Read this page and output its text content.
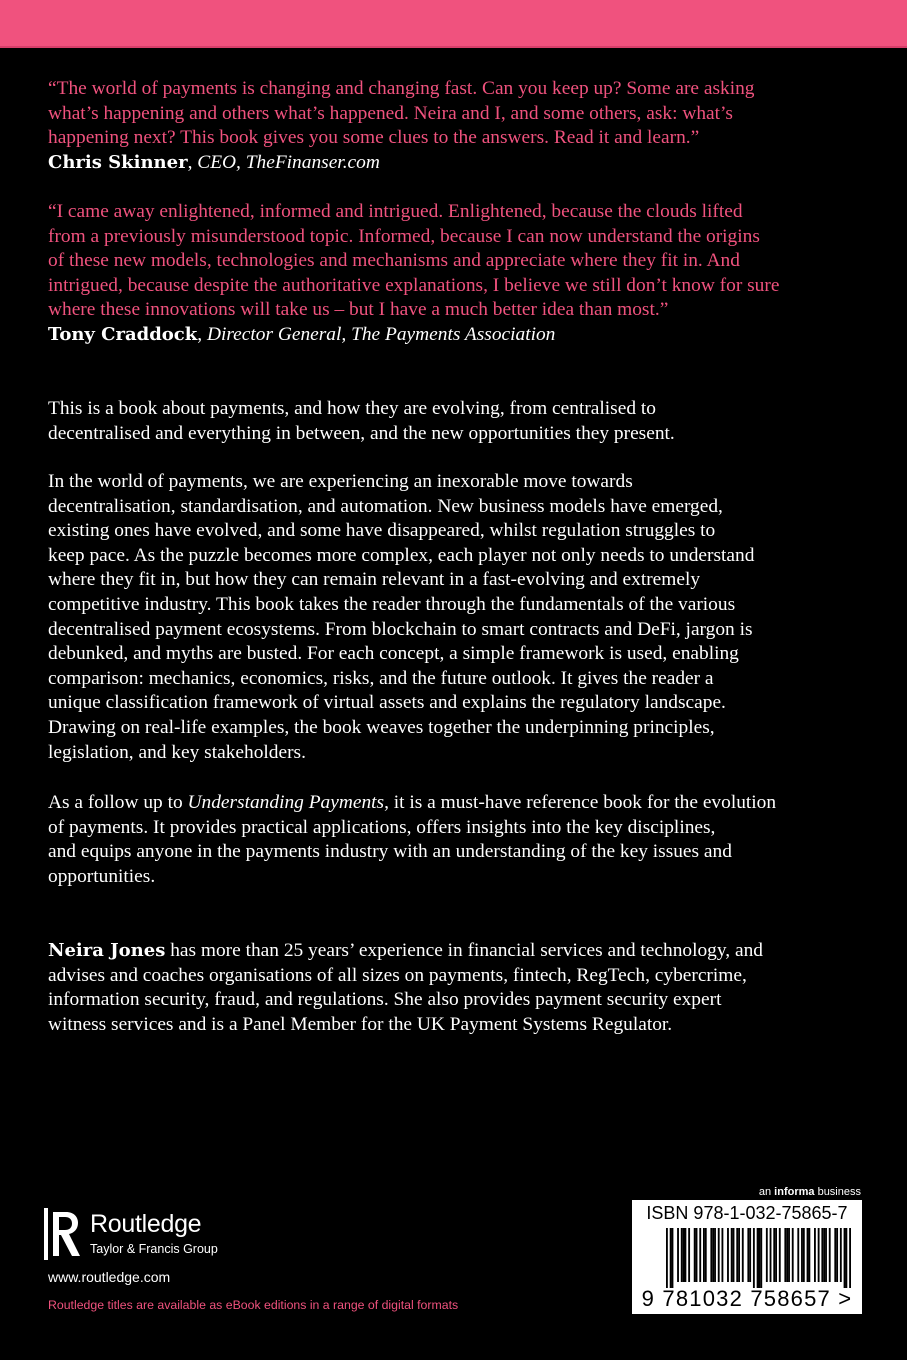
“The world of payments is changing and changing fast. Can you keep up? Some are asking
what’s happening and others what’s happened. Neira and I, and some others, ask: what’s
happening next? This book gives you some clues to the answers. Read it and learn.”

Chris Skinner, CEO, TheFinanser.com

“I came away enlightened, informed and intrigued. Enlightened, because the clouds lifted
from a previously misunderstood topic. Informed, because I can now understand the origins
of these new models, technologies and mechanisms and appreciate where they fit in. And
intrigued, because despite the authoritative explanations, I believe we still don’t know for sure
where these innovations will take us – but I have a much better idea than most.”

Tony Craddock, Director General, The Payments Association

This is a book about payments, and how they are evolving, from centralised to
decentralised and everything in between, and the new opportunities they present.

In the world of payments, we are experiencing an inexorable move towards
decentralisation, standardisation, and automation. New business models have emerged,
existing ones have evolved, and some have disappeared, whilst regulation struggles to
keep pace. As the puzzle becomes more complex, each player not only needs to understand
where they fit in, but how they can remain relevant in a fast-evolving and extremely
competitive industry. This book takes the reader through the fundamentals of the various
decentralised payment ecosystems. From blockchain to smart contracts and DeFi, jargon is
debunked, and myths are busted. For each concept, a simple framework is used, enabling
comparison: mechanics, economics, risks, and the future outlook. It gives the reader a
unique classification framework of virtual assets and explains the regulatory landscape.
Drawing on real-life examples, the book weaves together the underpinning principles,
legislation, and key stakeholders.

As a follow up to Understanding Payments, it is a must-have reference book for the evolution
of payments. It provides practical applications, offers insights into the key disciplines,
and equips anyone in the payments industry with an understanding of the key issues and
opportunities.

Neira Jones has more than 25 years’ experience in financial services and technology, and
advises and coaches organisations of all sizes on payments, fintech, RegTech, cybercrime,
information security, fraud, and regulations. She also provides payment security expert
witness services and is a Panel Member for the UK Payment Systems Regulator.

Routledge
Taylor & Francis Group
www.routledge.com
Routledge titles are available as eBook editions in a range of digital formats
an informa business
ISBN 978-1-032-75865-7
9 781032 758657 >
